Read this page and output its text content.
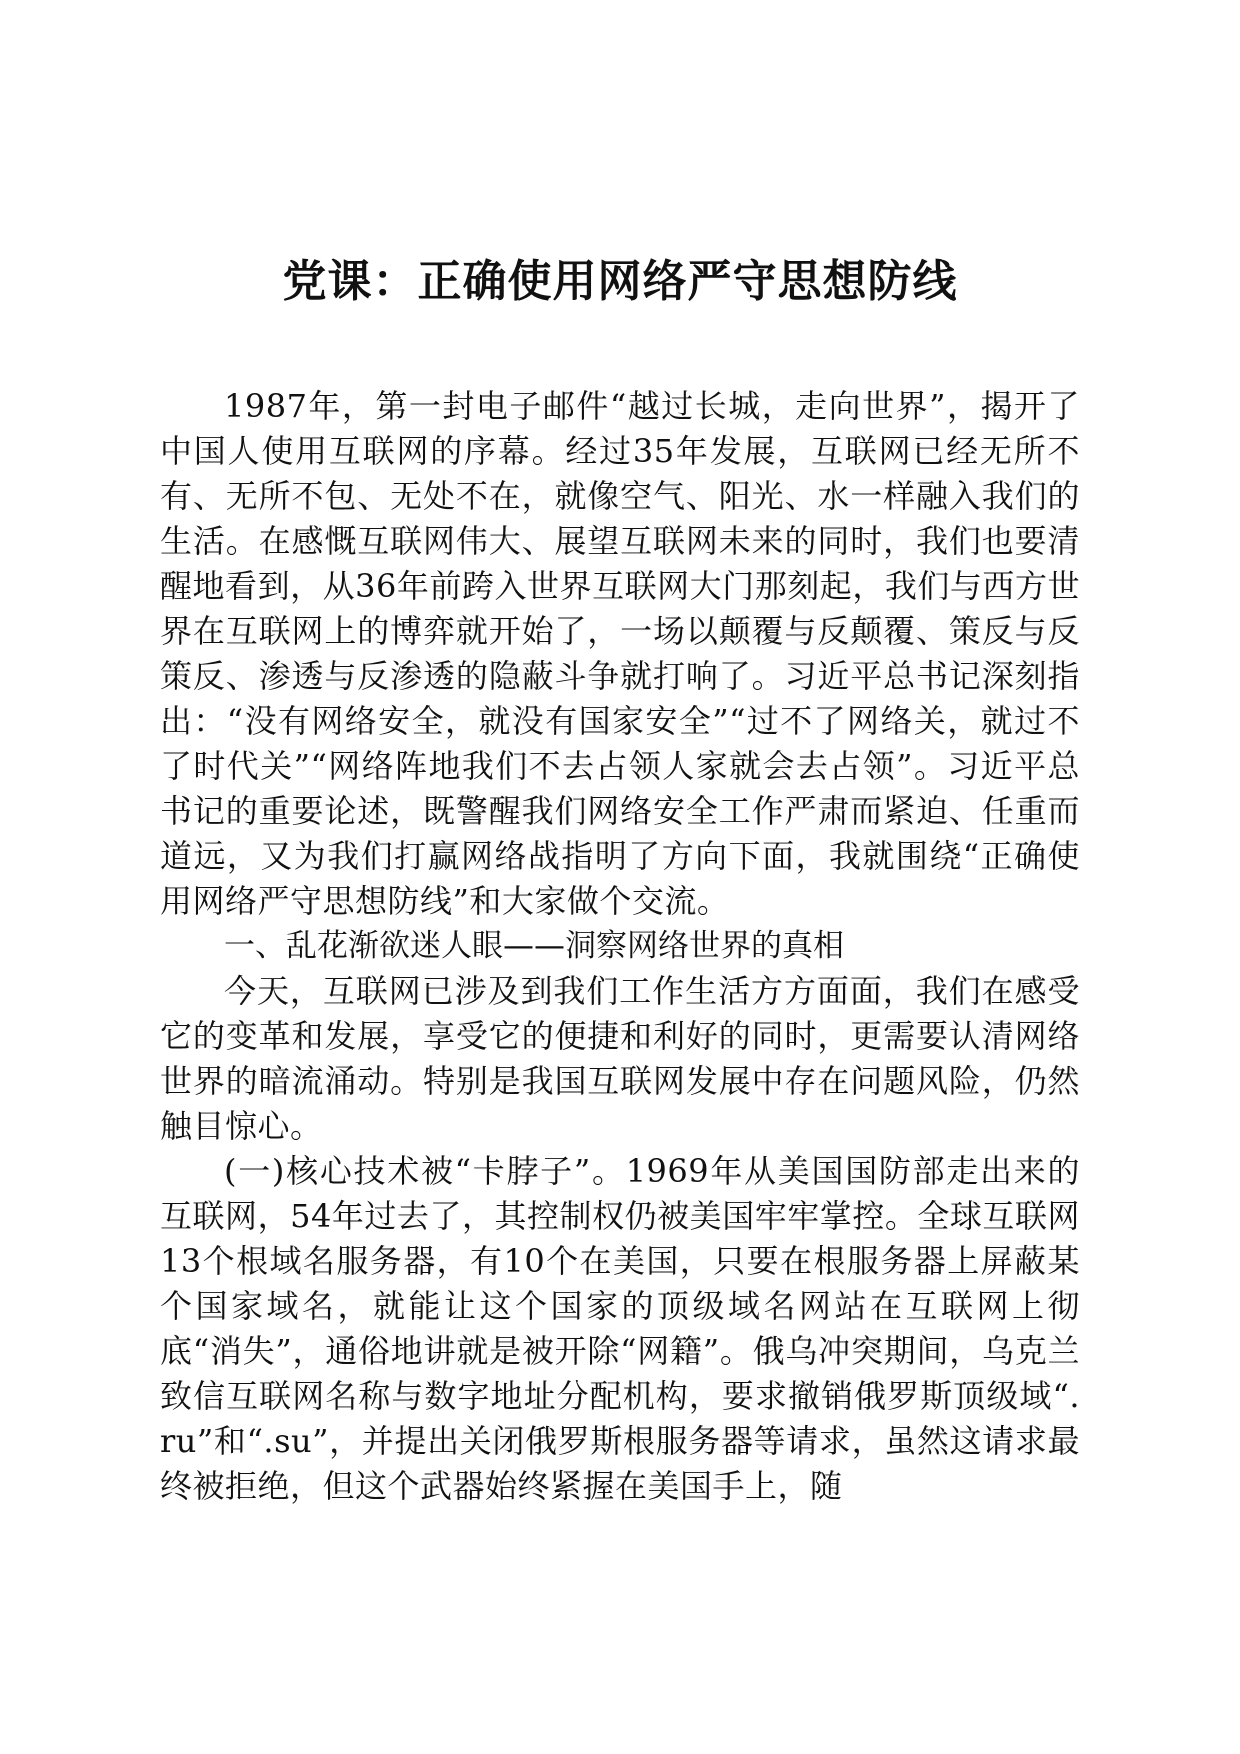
党课：正确使用网络严守思想防线

1987年，第一封电子邮件“越过长城，走向世界”，揭开了中国人使用互联网的序幕。经过35年发展，互联网已经无所不有、无所不包、无处不在，就像空气、阳光、水一样融入我们的生活。在感慨互联网伟大、展望互联网未来的同时，我们也要清醒地看到，从36年前跨入世界互联网大门那刻起，我们与西方世界在互联网上的博弈就开始了，一场以颠覆与反颠覆、策反与反策反、渗透与反渗透的隐蔽斗争就打响了。习近平总书记深刻指出：“没有网络安全，就没有国家安全”“过不了网络关，就过不了时代关”“网络阵地我们不去占领人家就会去占领”。习近平总书记的重要论述，既警醒我们网络安全工作严肃而紧迫、任重而道远，又为我们打赢网络战指明了方向下面，我就围绕“正确使用网络严守思想防线”和大家做个交流。

一、乱花渐欲迷人眼——洞察网络世界的真相

今天，互联网已涉及到我们工作生活方方面面，我们在感受它的变革和发展，享受它的便捷和利好的同时，更需要认清网络世界的暗流涌动。特别是我国互联网发展中存在问题风险，仍然触目惊心。

(一)核心技术被“卡脖子”。1969年从美国国防部走出来的互联网，54年过去了，其控制权仍被美国牢牢掌控。全球互联网13个根域名服务器，有10个在美国，只要在根服务器上屏蔽某个国家域名，就能让这个国家的顶级域名网站在互联网上彻底“消失”，通俗地讲就是被开除“网籍”。俄乌冲突期间，乌克兰致信互联网名称与数字地址分配机构，要求撤销俄罗斯顶级域“.ru”和“.su”，并提出关闭俄罗斯根服务器等请求，虽然这请求最终被拒绝，但这个武器始终紧握在美国手上，随
